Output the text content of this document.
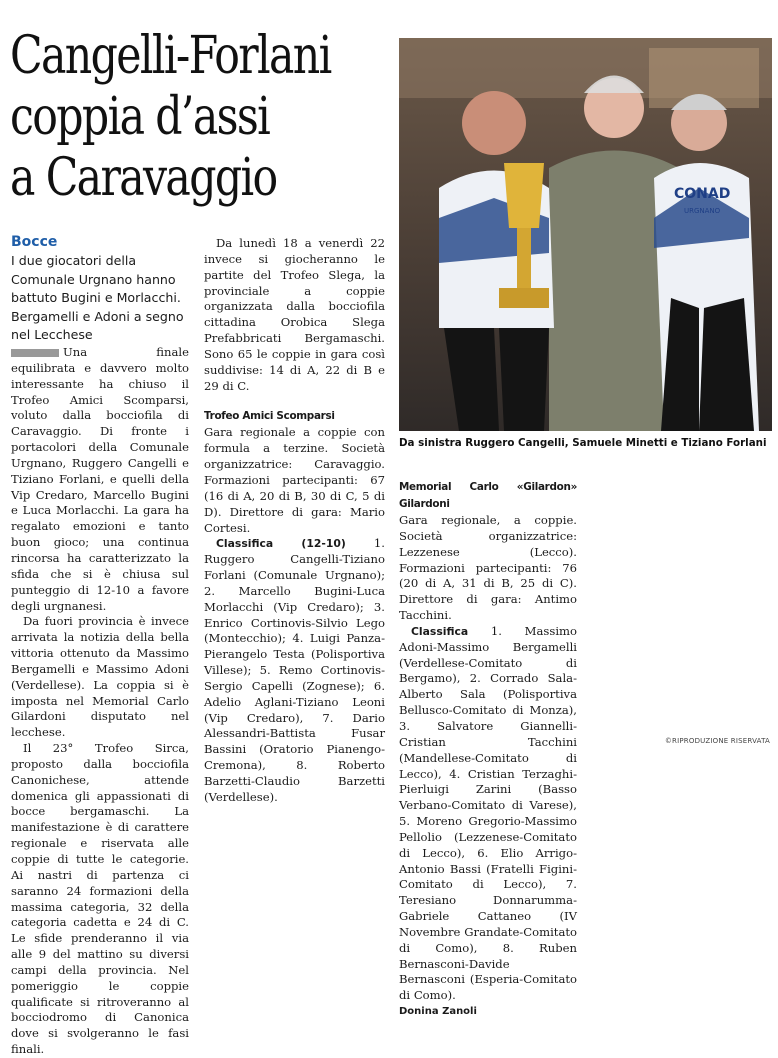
Cangelli-Forlani
coppia d’assi
a Caravaggio
Bocce
I due giocatori della Comunale Urgnano hanno battuto Bugini e Morlacchi. Bergamelli e Adoni a segno nel Lecchese
CONAD
URGNANO
Da sinistra Ruggero Cangelli, Samuele Minetti e Tiziano Forlani

Una finale equilibrata e davvero molto interessante ha chiuso il Trofeo Amici Scomparsi, voluto dalla bocciofila di Caravaggio. Di fronte i portacolori della Comunale Urgnano, Ruggero Cangelli e Tiziano Forlani, e quelli della Vip Credaro, Marcello Bugini e Luca Morlacchi. La gara ha regalato emozioni e tanto buon gioco; una continua rincorsa ha caratterizzato la sfida che si è chiusa sul punteggio di 12-10 a favore degli urgnanesi.

Da fuori provincia è invece arrivata la notizia della bella vittoria ottenuto da Massimo Bergamelli e Massimo Adoni (Verdellese). La coppia si è imposta nel Memorial Carlo Gilardoni disputato nel lecchese.

Il 23° Trofeo Sirca, proposto dalla bocciofila Canonichese, attende domenica gli appassionati di bocce bergamaschi. La manifestazione è di carattere regionale e riservata alle coppie di tutte le categorie. Ai nastri di partenza ci saranno 24 formazioni della massima categoria, 32 della categoria cadetta e 24 di C. Le sfide prenderanno il via alle 9 del mattino su diversi campi della provincia. Nel pomeriggio le coppie qualificate si ritroveranno al bocciodromo di Canonica dove si svolgeranno le fasi finali.

Da lunedì 18 a venerdì 22 invece si giocheranno le partite del Trofeo Slega, la provinciale a coppie organizzata dalla bocciofila cittadina Orobica Slega Prefabbricati Bergamaschi. Sono 65 le coppie in gara così suddivise: 14 di A, 22 di B e 29 di C.

Trofeo Amici Scomparsi

Gara regionale a coppie con formula a terzine. Società organizzatrice: Caravaggio. Formazioni partecipanti: 67 (16 di A, 20 di B, 30 di C, 5 di D). Direttore di gara: Mario Cortesi.

Classifica (12-10) 1. Ruggero Cangelli-Tiziano Forlani (Comunale Urgnano); 2. Marcello Bugini-Luca Morlacchi (Vip Credaro); 3. Enrico Cortinovis-Silvio Lego (Montecchio); 4. Luigi Panza-Pierangelo Testa (Polisportiva Villese); 5. Remo Cortinovis-Sergio Capelli (Zognese); 6. Adelio Aglani-Tiziano Leoni (Vip Credaro), 7. Dario Alessandri-Battista Fusar Bassini (Oratorio Pianengo-Cremona), 8. Roberto Barzetti-Claudio Barzetti (Verdellese).

Memorial Carlo «Gilardon» Gilardoni

Gara regionale, a coppie. Società organizzatrice: Lezzenese (Lecco). Formazioni partecipanti: 76 (20 di A, 31 di B, 25 di C). Direttore di gara: Antimo Tacchini.

Classifica 1. Massimo Adoni-Massimo Bergamelli (Verdellese-Comitato di Bergamo), 2. Corrado Sala-Alberto Sala (Polisportiva Bellusco-Comitato di Monza), 3. Salvatore Giannelli-Cristian Tacchini (Mandellese-Comitato di Lecco), 4. Cristian Terzaghi-Pierluigi Zarini (Basso Verbano-Comitato di Varese), 5. Moreno Gregorio-Massimo Pellolio (Lezzenese-Comitato di Lecco), 6. Elio Arrigo-Antonio Bassi (Fratelli Figini-Comitato di Lecco), 7. Teresiano Donnarumma-Gabriele Cattaneo (IV Novembre Grandate-Comitato di Como), 8. Ruben Bernasconi-Davide Bernasconi (Esperia-Comitato di Como).

Donina Zanoli

©RIPRODUZIONE RISERVATA
